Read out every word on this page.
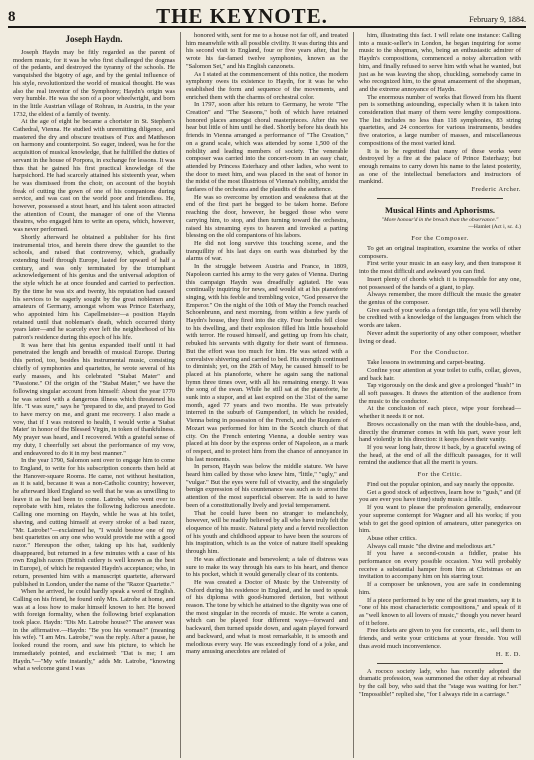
8	THE KEYNOTE.	February 9, 1884.
Joseph Haydn.

Joseph Haydn may be fitly regarded as the parent of modern music, for it was he who first challenged the dogmas of the pedants, and destroyed the tyranny of the schools. He vanquished the bigotry of age, and by the genial influence of his style, revolutionized the world of musical thought. He was also the real inventor of the Symphony; Haydn's origin was very humble. He was the son of a poor wheelwright, and born in the little Austrian village of Rohrau, in Austria, in the year 1732, the eldest of a family of twenty.

At the age of eight he became a chorister in St. Stephen's Cathedral, Vienna. He studied with unremitting diligence, and mastered the dry and obscure treatises of Fux and Mattheson on harmony and counterpoint. So eager, indeed, was he for the acquisition of musical knowledge, that he fulfilled the duties of servant in the house of Porpora, in exchange for lessons. It was thus that he gained his first practical knowledge of the harpsichord. He had scarcely attained his sixteenth year, when he was dismissed from the choir, on account of the boyish freak of cutting the gown of one of his companions during service, and was cast on the world poor and friendless. He, however, possessed a stout heart, and his talent soon attracted the attention of Count, the manager of one of the Vienna theatres, who engaged him to write an opera, which, however, was never performed.

Shortly afterward he obtained a publisher for his first instrumental trios, and herein there drew the gauntlet to the schools, and raised that controversy, which, gradually extending itself through Europe, lasted for upward of half a century, and was only terminated by the triumphant acknowledgement of his genius and the universal adoption of the style which he at once founded and carried to perfection. By the time he was six and twenty, his reputation had caused his services to be eagerly sought by the great noblemen and amateurs of Germany, amongst whom was Prince Esterhazy, who appointed him his Capellmeister—a position Haydn retained until that nobleman's death, which occurred thirty years later—and he scarcely ever left the neighborhood of his patron's residence during this epoch of his life.

It was here that his genius expanded itself until it had penetrated the length and breadth of musical Europe. During this period, too, besides his instrumental music, consisting chiefly of symphonies and quartettes, he wrote several of his early masses, and his celebrated "Stabat Mater" and "Passione." Of the origin of the "Stabat Mater," we have the following singular account from himself: About the year 1770 he was seized with a dangerous illness which threatened his life. "I was sure," says he "prepared to die, and prayed to God to have mercy on me, and grant me recovery. I also made a vow, that if I was restored to health, I would write a 'Stabat Mater' in honor of the Blessed Virgin, in token of thankfulness. My prayer was heard, and I recovered. With a grateful sense of my duty, I cheerfully set about the performance of my vow, and endeavored to do it in my best manner."

In the year 1790, Salomon sent over to engage him to come to England, to write for his subscription concerts then held at the Hanover-square Rooms. He came, not without hesitation, as it is said, because it was a non-Catholic country; however, he afterward liked England so well that he was as unwilling to leave it as he had been to come. Latrobe, who went over to reprobate with him, relates the following ludicrous anecdote. Calling one morning on Haydn, while he was at his toilet, shaving, and cutting himself at every stroke of a bad razor, "Mr. Latrobe!"—exclaimed he, "I would bestow one of my best quartettes on any one who would provide me with a good razor." Hereupon the other, taking up his hat, suddenly disappeared, but returned in a few minutes with a case of his own English razors (British cutlery is well known as the best in Europe), of which he requested Haydn's acceptance; who, in return, presented him with a manuscript quartette, afterward published in London, under the name of the "Razor Quartette."

When he arrived, he could hardly speak a word of English. Calling on his friend, he found only Mrs. Latrobe at home, and was at a loss how to make himself known to her. He bowed with foreign formality, when the following brief explanation took place. Haydn: "Dis Mr. Latrobe house?" The answer was in the affirmative.—Haydn: "Be you his woman?" (meaning his wife). "I am Mrs. Latrobe," was the reply. After a pause, he looked round the room, and saw his picture, to which he immediately pointed, and exclaimed: "Dat is me; I am Haydn."—"My wife instantly," adds Mr. Latrobe, "knowing what a welcome guest I was

honored with, sent for me to a house not far off, and treated him meanwhile with all possible civility. It was during this and his second visit to England, four or five years after, that he wrote his far-famed twelve symphonies, known as the "Salomon Set," and his English canzonets.

As I stated at the commencement of this notice, the modern symphony owes its existence to Haydn, for it was he who established the form and sequence of the movements, and enriched them with the charms of orchestral color.

In 1797, soon after his return to Germany, he wrote "The Creation" and "The Seasons," both of which have retained honored places amongst choral masterpieces. After this we hear but little of him until he died. Shortly before his death his friends in Vienna arranged a performance of "The Creation," on a grand scale, which was attended by some 1,500 of the nobility and leading members of society. The venerable composer was carried into the concert-room in an easy chair, attended by Princess Esterhazy and other ladies, who went to the door to meet him, and was placed in the seat of honor in the midst of the most illustrious of Vienna's nobility, amidst the fanfares of the orchestra and the plaudits of the audience.

He was so overcome by emotion and weakness that at the end of the first part he begged to be taken home. Before reaching the door, however, he begged those who were carrying him, to stop, and then turning toward the orchestra, raised his streaming eyes to heaven and invoked a parting blessing on the old companions of his labors.

He did not long survive this touching scene, and the tranquillity of his last days on earth was disturbed by the alarms of war.

In the struggle between Austria and France, in 1809, Napoleon carried his army to the very gates of Vienna. During this campaign Haydn was dreadfully agitated. He was continually inquiring for news, and would sit at his pianoforte singing, with his feeble and trembling voice, "God preserve the Emperor." On the night of the 10th of May the French reached Schoenbrunn, and next morning, from within a few yards of Haydn's house, they fired into the city. Four bombs fell close to his dwelling, and their explosion filled his little household with terror. He roused himself, and getting up from his chair, rebuked his servants with dignity for their want of firmness. But the effort was too much for him. He was seized with a convulsive shivering and carried to bed. His strength continued to diminish; yet, on the 26th of May, he caused himself to be placed at his pianoforte, where he again sang the national hymn three times over, with all his remaining energy. It was the song of the swan. While he still sat at the pianoforte, he sunk into a stupor, and at last expired on the 31st of the same month, aged 77 years and two months. He was privately interred in the suburb of Gumpendorf, in which he resided, Vienna being in possession of the French, and the Requiem of Mozart was performed for him in the Scotch church of that city. On the French entering Vienna, a double sentry was placed at his door by the express order of Napoleon, as a mark of respect, and to protect him from the chance of annoyance in his last moments.

In person, Haydn was below the middle stature. We have heard him called by those who knew him, "little," "ugly," and "vulgar." But the eyes were full of vivacity, and the singularly benign expression of his countenance was such as to arrest the attention of the most superficial observer. He is said to have been of a constitutionally lively and jovial temperament.

That he could have been no stranger to melancholy, however, will be readily believed by all who have truly felt the eloquence of his music. Natural piety and a fervid recollection of his youth and childhood appear to have been the sources of his inspiration, which is as the voice of nature itself speaking through him.

He was affectionate and benevolent; a tale of distress was sure to make its way through his ears to his heart, and thence to his pocket, which it would generally clear of its contents.

He was created a Doctor of Music by the University of Oxford during his residence in England, and he used to speak of his diploma with good-humored derision, but without reason. The tone by which he attained to the dignity was one of the most singular in the records of music. He wrote a canon, which can be played four different ways—forward and backward, then turned upside down, and again played forward and backward, and what is most remarkable, it is smooth and melodious every way. He was exceedingly fond of a joke, and many amusing anecdotes are related of

him, illustrating this fact. I will relate one instance: Calling into a music-seller's in London, he began inquiring for some music to the shopman, who, being an enthusiastic admirer of Haydn's compositions, commenced a noisy altercation with him, and finally refused to serve him with what he wanted, but just as he was leaving the shop, chuckling, somebody came in who recognized him, to the great amazement of the shopman, and the extreme annoyance of Haydn.

The enormous number of works that flowed from his fluent pen is something astounding, especially when it is taken into consideration that many of them were lengthy compositions. The list includes no less than 118 symphonies, 83 string quartettes, and 24 concertos for various instruments, besides five oratorios, a large number of masses, and miscellaneous compositions of the most varied kind.

It is to be regretted that many of these works were destroyed by a fire at the palace of Prince Esterhazy; but enough remains to carry down his name to the latest posterity, as one of the intellectual benefactors and instructors of mankind.

Frederic Archer.
Musical Hints and Aphorisms.
"More honour'd in the breach than the observance."
—Hamlet (Act i, sc. 4.)
For the Composer.

To get an original inspiration, examine the works of other composers.

First write your music in an easy key, and then transpose it into the most difficult and awkward you can find.

Insert plenty of chords which it is impossible for any one, not possessed of the hands of a giant, to play.

Always remember, the more difficult the music the greater the genius of the composer.

Give each of your works a foreign title, for you will thereby be credited with a knowledge of the languages from which the words are taken.

Never admit the superiority of any other composer, whether living or dead.

For the Conductor.

Take lessons in swimming and carpet-beating.

Confine your attention at your toilet to cuffs, collar, gloves, and back hair.

Tap vigorously on the desk and give a prolonged "hush!" in all soft passages. It draws the attention of the audience from the music to the conductor.

At the conclusion of each piece, wipe your forehead—whether it needs it or not.

Brows occasionally on the man with the double-bass, and, directly the drummer comes in with his part, wave your left hand violently in his direction: it keeps down their vanity.

If you wear long hair, throw it back, by a graceful swing of the head, at the end of all the difficult passages, for it will remind the audience that all the merit is yours.

For the Critic.

Find out the popular opinion, and say nearly the opposite.

Get a good stock of adjectives, learn how to "gush," and (if you are ever you have time) study music a little.

If you want to please the profession generally, endeavour your supreme contempt for Wagner and all his works; if you wish to get the good opinion of amateurs, utter panegyrics on him.

Abuse other critics.

Always call music "the divine and melodious art."

If you have a second-cousin a fiddler, praise his performance on every possible occasion. You will probably receive a substantial hamper from him at Christmas or an invitation to accompany him on his starring tour.

If a composer be unknown, you are safe in condemning him.

If a piece performed is by one of the great masters, say it is "one of his most characteristic compositions," and speak of it as "well known to all lovers of music," though you never heard of it before.

Free tickets are given to you for concerts, etc., sell them to friends, and write your criticisms at your fireside. You will thus avoid much inconvenience.

H. E. D.

A rococo society lady, who has recently adopted the dramatic profession, was summoned the other day at rehearsal by the call boy, who said that the "stage was waiting for her." "Impossible!" replied she, "for I always ride in a carriage."
